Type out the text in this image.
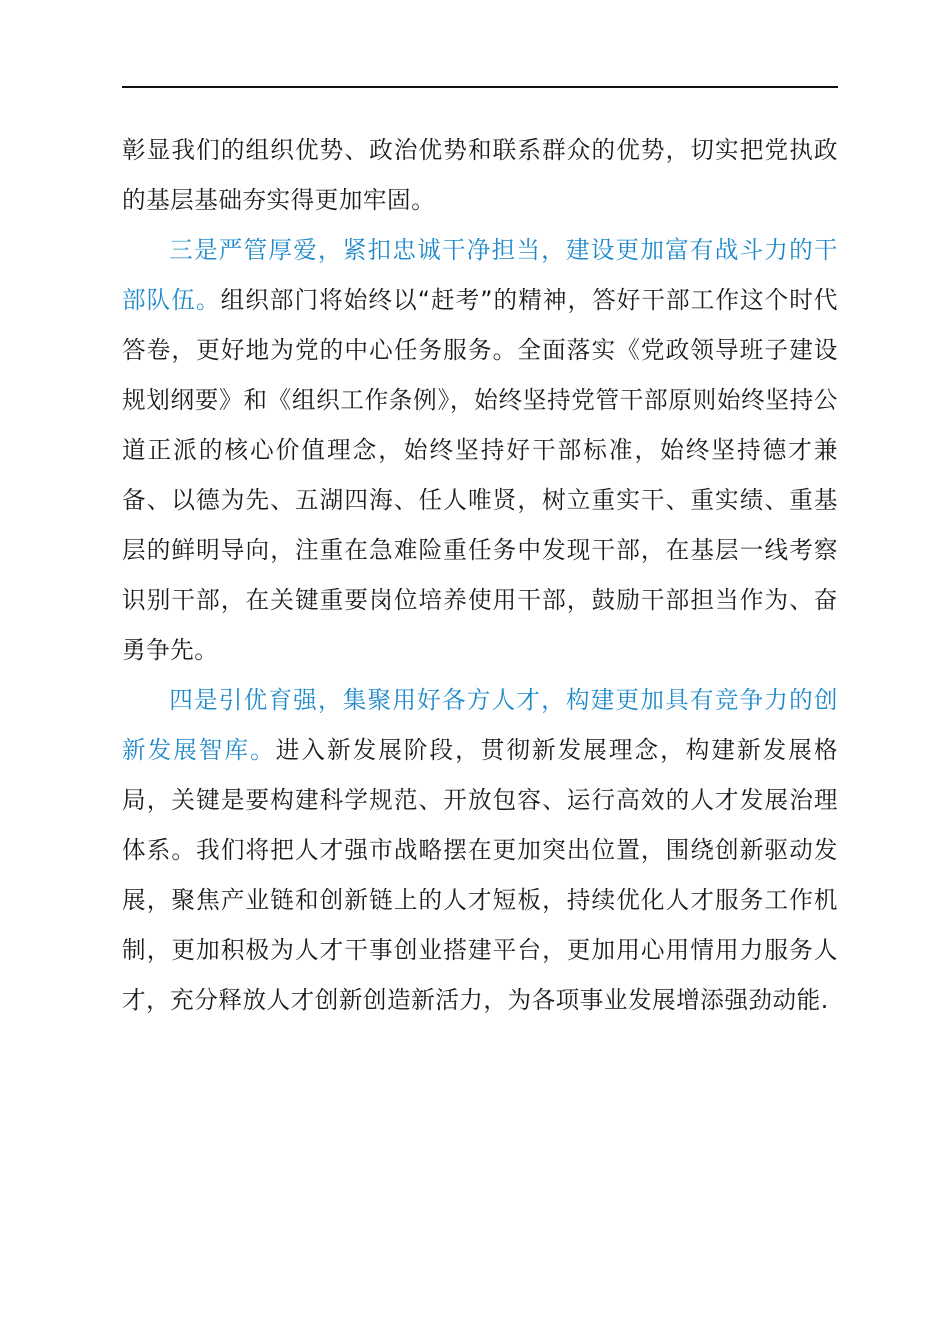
彰显我们的组织优势、政治优势和联系群众的优势，切实把党执政的基层基础夯实得更加牢固。

三是严管厚爱，紧扣忠诚干净担当，建设更加富有战斗力的干部队伍。组织部门将始终以“赶考”的精神，答好干部工作这个时代答卷，更好地为党的中心任务服务。全面落实《党政领导班子建设规划纲要》和《组织工作条例》，始终坚持党管干部原则始终坚持公道正派的核心价值理念，始终坚持好干部标准，始终坚持德才兼备、以德为先、五湖四海、任人唯贤，树立重实干、重实绩、重基层的鲜明导向，注重在急难险重任务中发现干部，在基层一线考察识别干部，在关键重要岗位培养使用干部，鼓励干部担当作为、奋勇争先。

四是引优育强，集聚用好各方人才，构建更加具有竞争力的创新发展智库。进入新发展阶段，贯彻新发展理念，构建新发展格局，关键是要构建科学规范、开放包容、运行高效的人才发展治理体系。我们将把人才强市战略摆在更加突出位置，围绕创新驱动发展，聚焦产业链和创新链上的人才短板，持续优化人才服务工作机制，更加积极为人才干事创业搭建平台，更加用心用情用力服务人才，充分释放人才创新创造新活力，为各项事业发展增添强劲动能.
